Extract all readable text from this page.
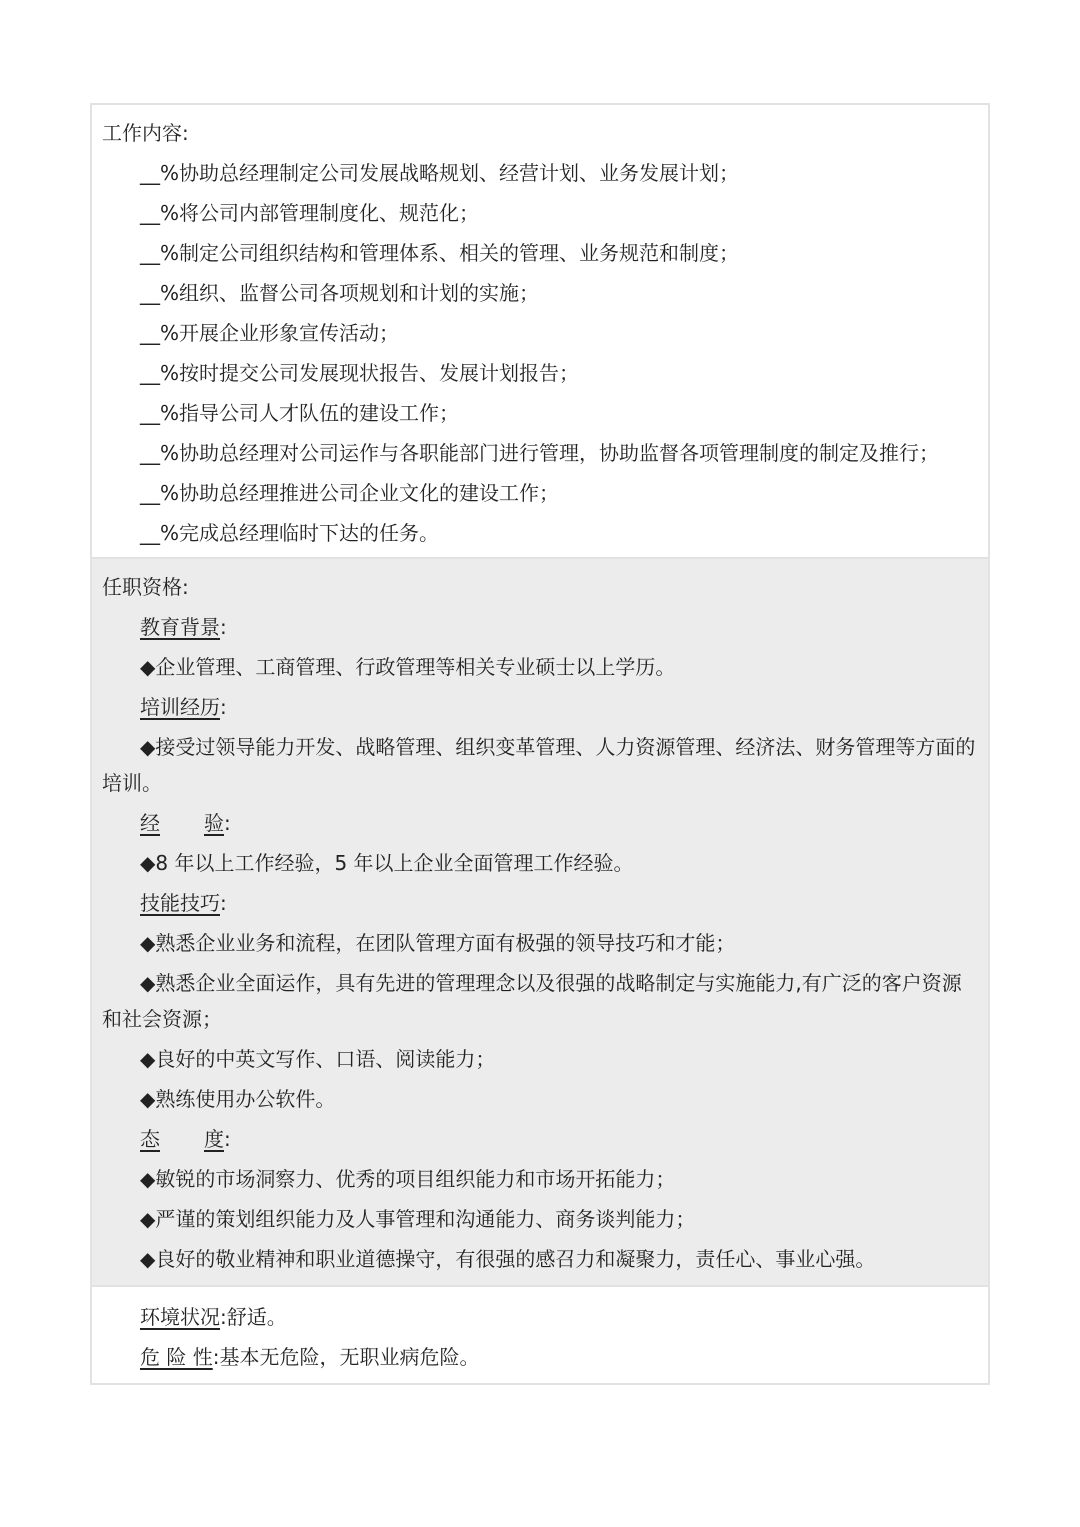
工作内容:
__%协助总经理制定公司发展战略规划、经营计划、业务发展计划；
__%将公司内部管理制度化、规范化；
__%制定公司组织结构和管理体系、相关的管理、业务规范和制度；
__%组织、监督公司各项规划和计划的实施；
__%开展企业形象宣传活动；
__%按时提交公司发展现状报告、发展计划报告；
__%指导公司人才队伍的建设工作；
__%协助总经理对公司运作与各职能部门进行管理，协助监督各项管理制度的制定及推行；
__%协助总经理推进公司企业文化的建设工作；
__%完成总经理临时下达的任务。
任职资格:
教育背景:
◆企业管理、工商管理、行政管理等相关专业硕士以上学历。
培训经历:
◆接受过领导能力开发、战略管理、组织变革管理、人力资源管理、经济法、财务管理等方面的培训。
经 验:
◆8 年以上工作经验，5 年以上企业全面管理工作经验。
技能技巧:
◆熟悉企业业务和流程，在团队管理方面有极强的领导技巧和才能；
◆熟悉企业全面运作，具有先进的管理理念以及很强的战略制定与实施能力,有广泛的客户资源和社会资源；
◆良好的中英文写作、口语、阅读能力；
◆熟练使用办公软件。
态 度:
◆敏锐的市场洞察力、优秀的项目组织能力和市场开拓能力；
◆严谨的策划组织能力及人事管理和沟通能力、商务谈判能力；
◆良好的敬业精神和职业道德操守，有很强的感召力和凝聚力，责任心、事业心强。
环境状况:舒适。
危 险 性:基本无危险，无职业病危险。
